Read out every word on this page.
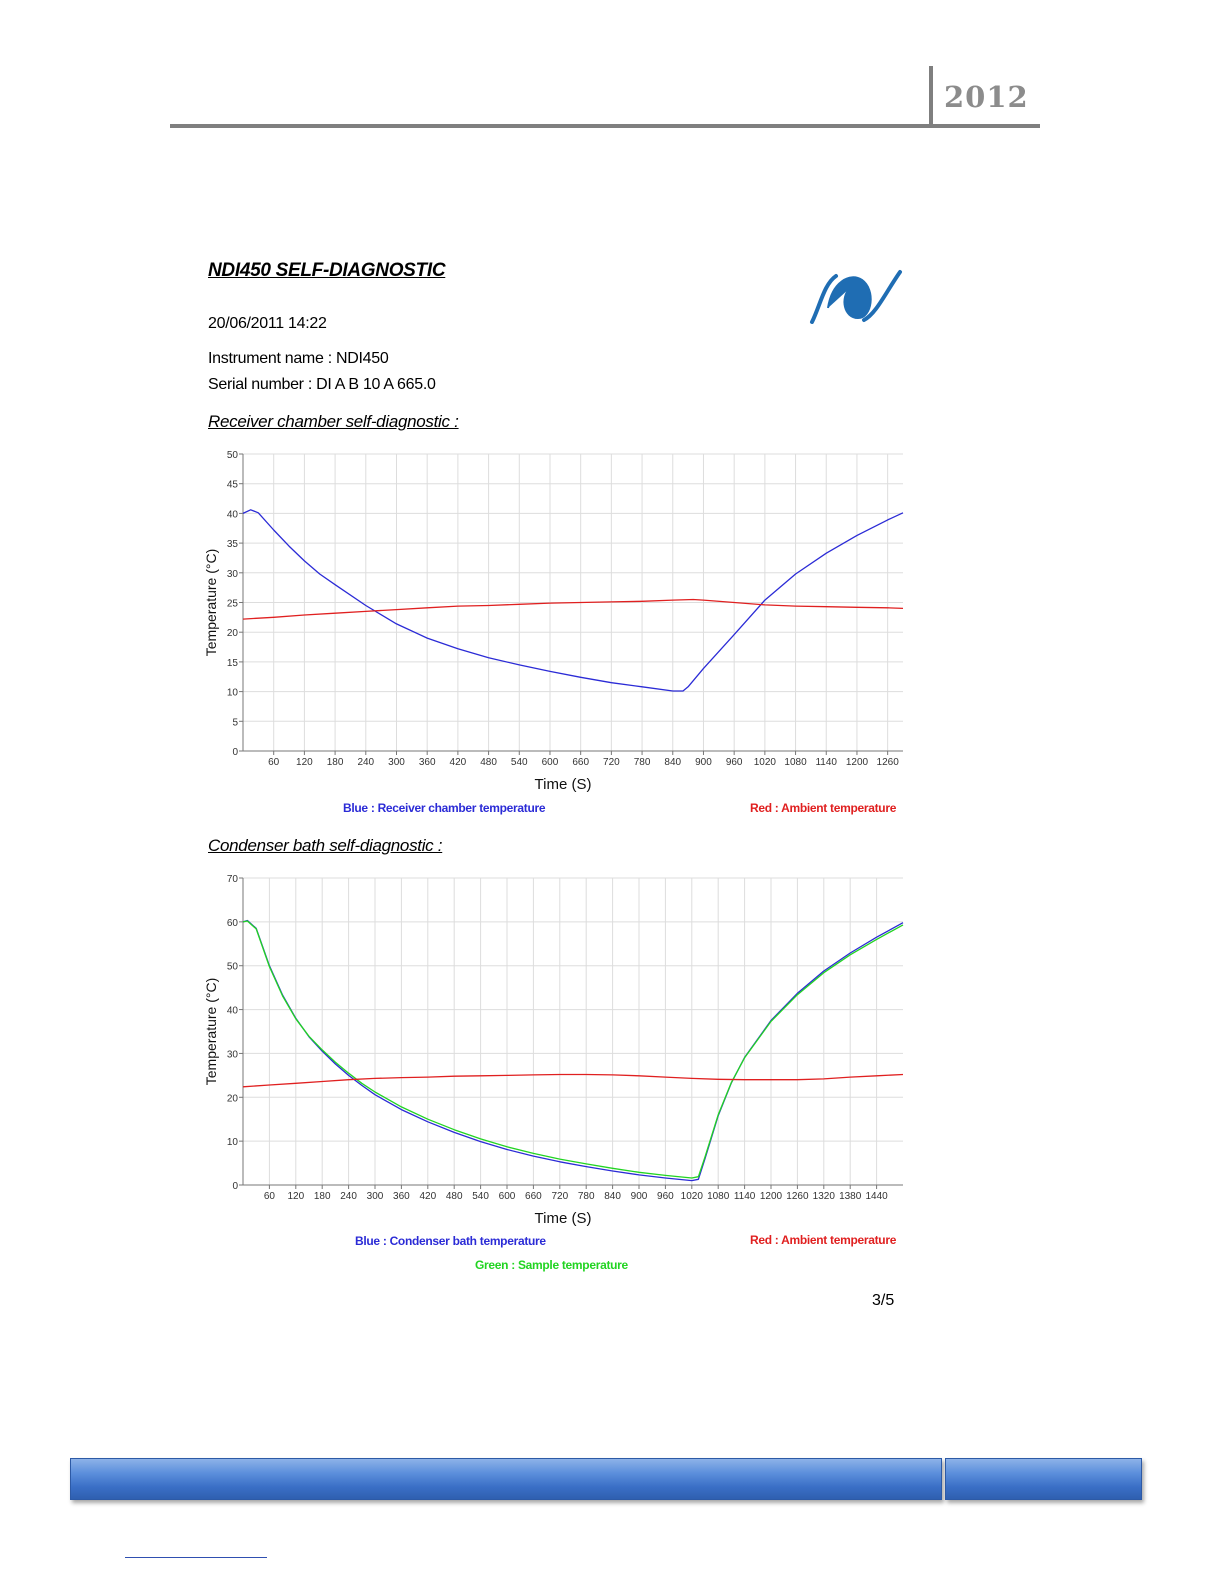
2012
NDI450 SELF-DIAGNOSTIC
20/06/2011 14:22
Instrument name : NDI450
Serial number : DI A B 10 A 665.0
Receiver chamber self-diagnostic :
0
5
10
15
20
25
30
35
40
45
50
60 120 180 240 300 360 420 480 540 600 660 720 780 840 900 960 1020 1080 1140 1200 1260
Time (S)
Temperature (°C)
Blue : Receiver chamber temperature	Red : Ambient temperature
Condenser bath self-diagnostic :
0
10
20
30
40
50
60
70
60 120 180 240 300 360 420 480 540 600 660 720 780 840 900 960 1020 1080 1140 1200 1260 1320 1380 1440
Time (S)
Temperature (°C)
Blue : Condenser bath temperature	Red : Ambient temperature
Green : Sample temperature
3/5
